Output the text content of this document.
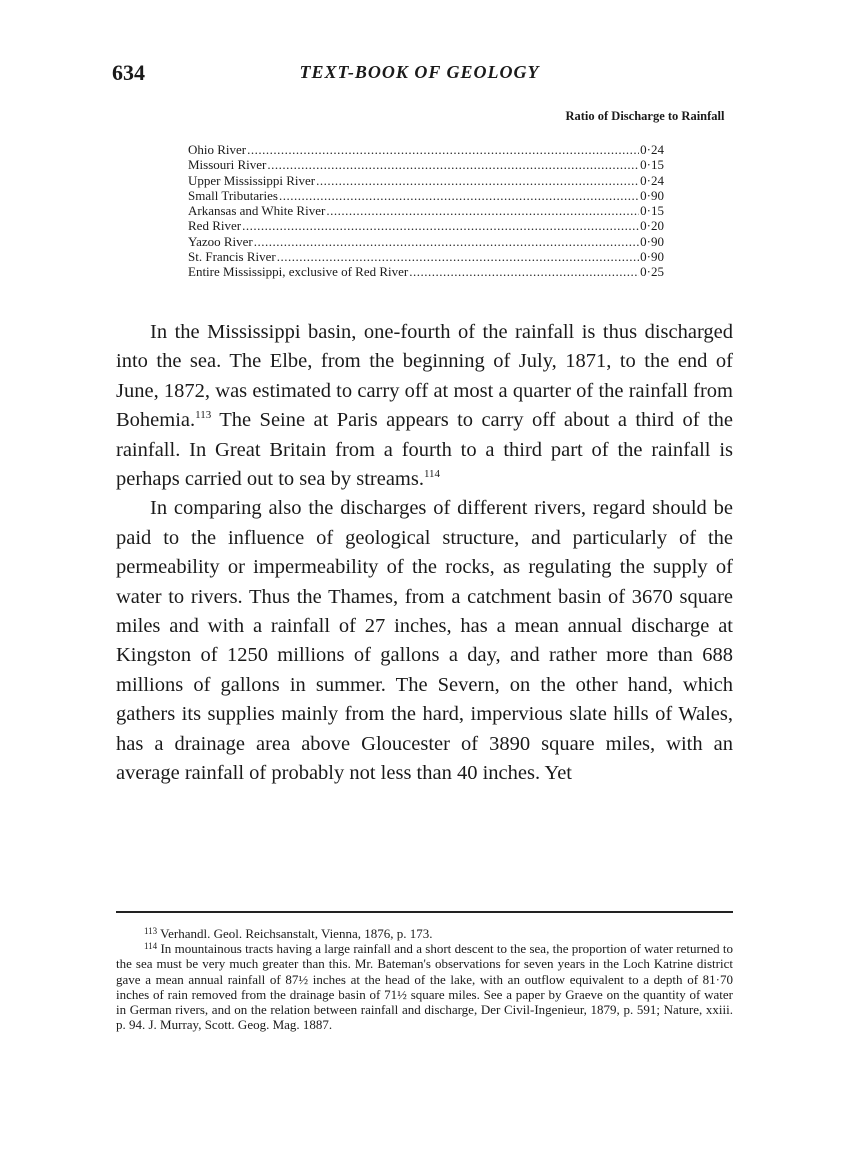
634	TEXT-BOOK OF GEOLOGY
Ratio of Discharge to Rainfall
Ohio River .....	0·24
Missouri River .....	0·15
Upper Mississippi River .....	0·24
Small Tributaries .....	0·90
Arkansas and White River .....	0·15
Red River .....	0·20
Yazoo River .....	0·90
St. Francis River .....	0·90
Entire Mississippi, exclusive of Red River .....	0·25

In the Mississippi basin, one-fourth of the rainfall is thus discharged into the sea. The Elbe, from the beginning of July, 1871, to the end of June, 1872, was estimated to carry off at most a quarter of the rainfall from Bohemia.$^{113}$ The Seine at Paris appears to carry off about a third of the rainfall. In Great Britain from a fourth to a third part of the rainfall is perhaps carried out to sea by streams.$^{114}$

In comparing also the discharges of different rivers, regard should be paid to the influence of geological structure, and particularly of the permeability or impermeability of the rocks, as regulating the supply of water to rivers. Thus the Thames, from a catchment basin of 3670 square miles and with a rainfall of 27 inches, has a mean annual discharge at Kingston of 1250 millions of gallons a day, and rather more than 688 millions of gallons in summer. The Severn, on the other hand, which gathers its supplies mainly from the hard, impervious slate hills of Wales, has a drainage area above Gloucester of 3890 square miles, with an average rainfall of probably not less than 40 inches. Yet

$^{113}$ Verhandl. Geol. Reichsanstalt, Vienna, 1876, p. 173.

$^{114}$ In mountainous tracts having a large rainfall and a short descent to the sea, the proportion of water returned to the sea must be very much greater than this. Mr. Bateman's observations for seven years in the Loch Katrine district gave a mean annual rainfall of 87½ inches at the head of the lake, with an outflow equivalent to a depth of 81·70 inches of rain removed from the drainage basin of 71½ square miles. See a paper by Graeve on the quantity of water in German rivers, and on the relation between rainfall and discharge, Der Civil-Ingenieur, 1879, p. 591; Nature, xxiii. p. 94. J. Murray, Scott. Geog. Mag. 1887.
